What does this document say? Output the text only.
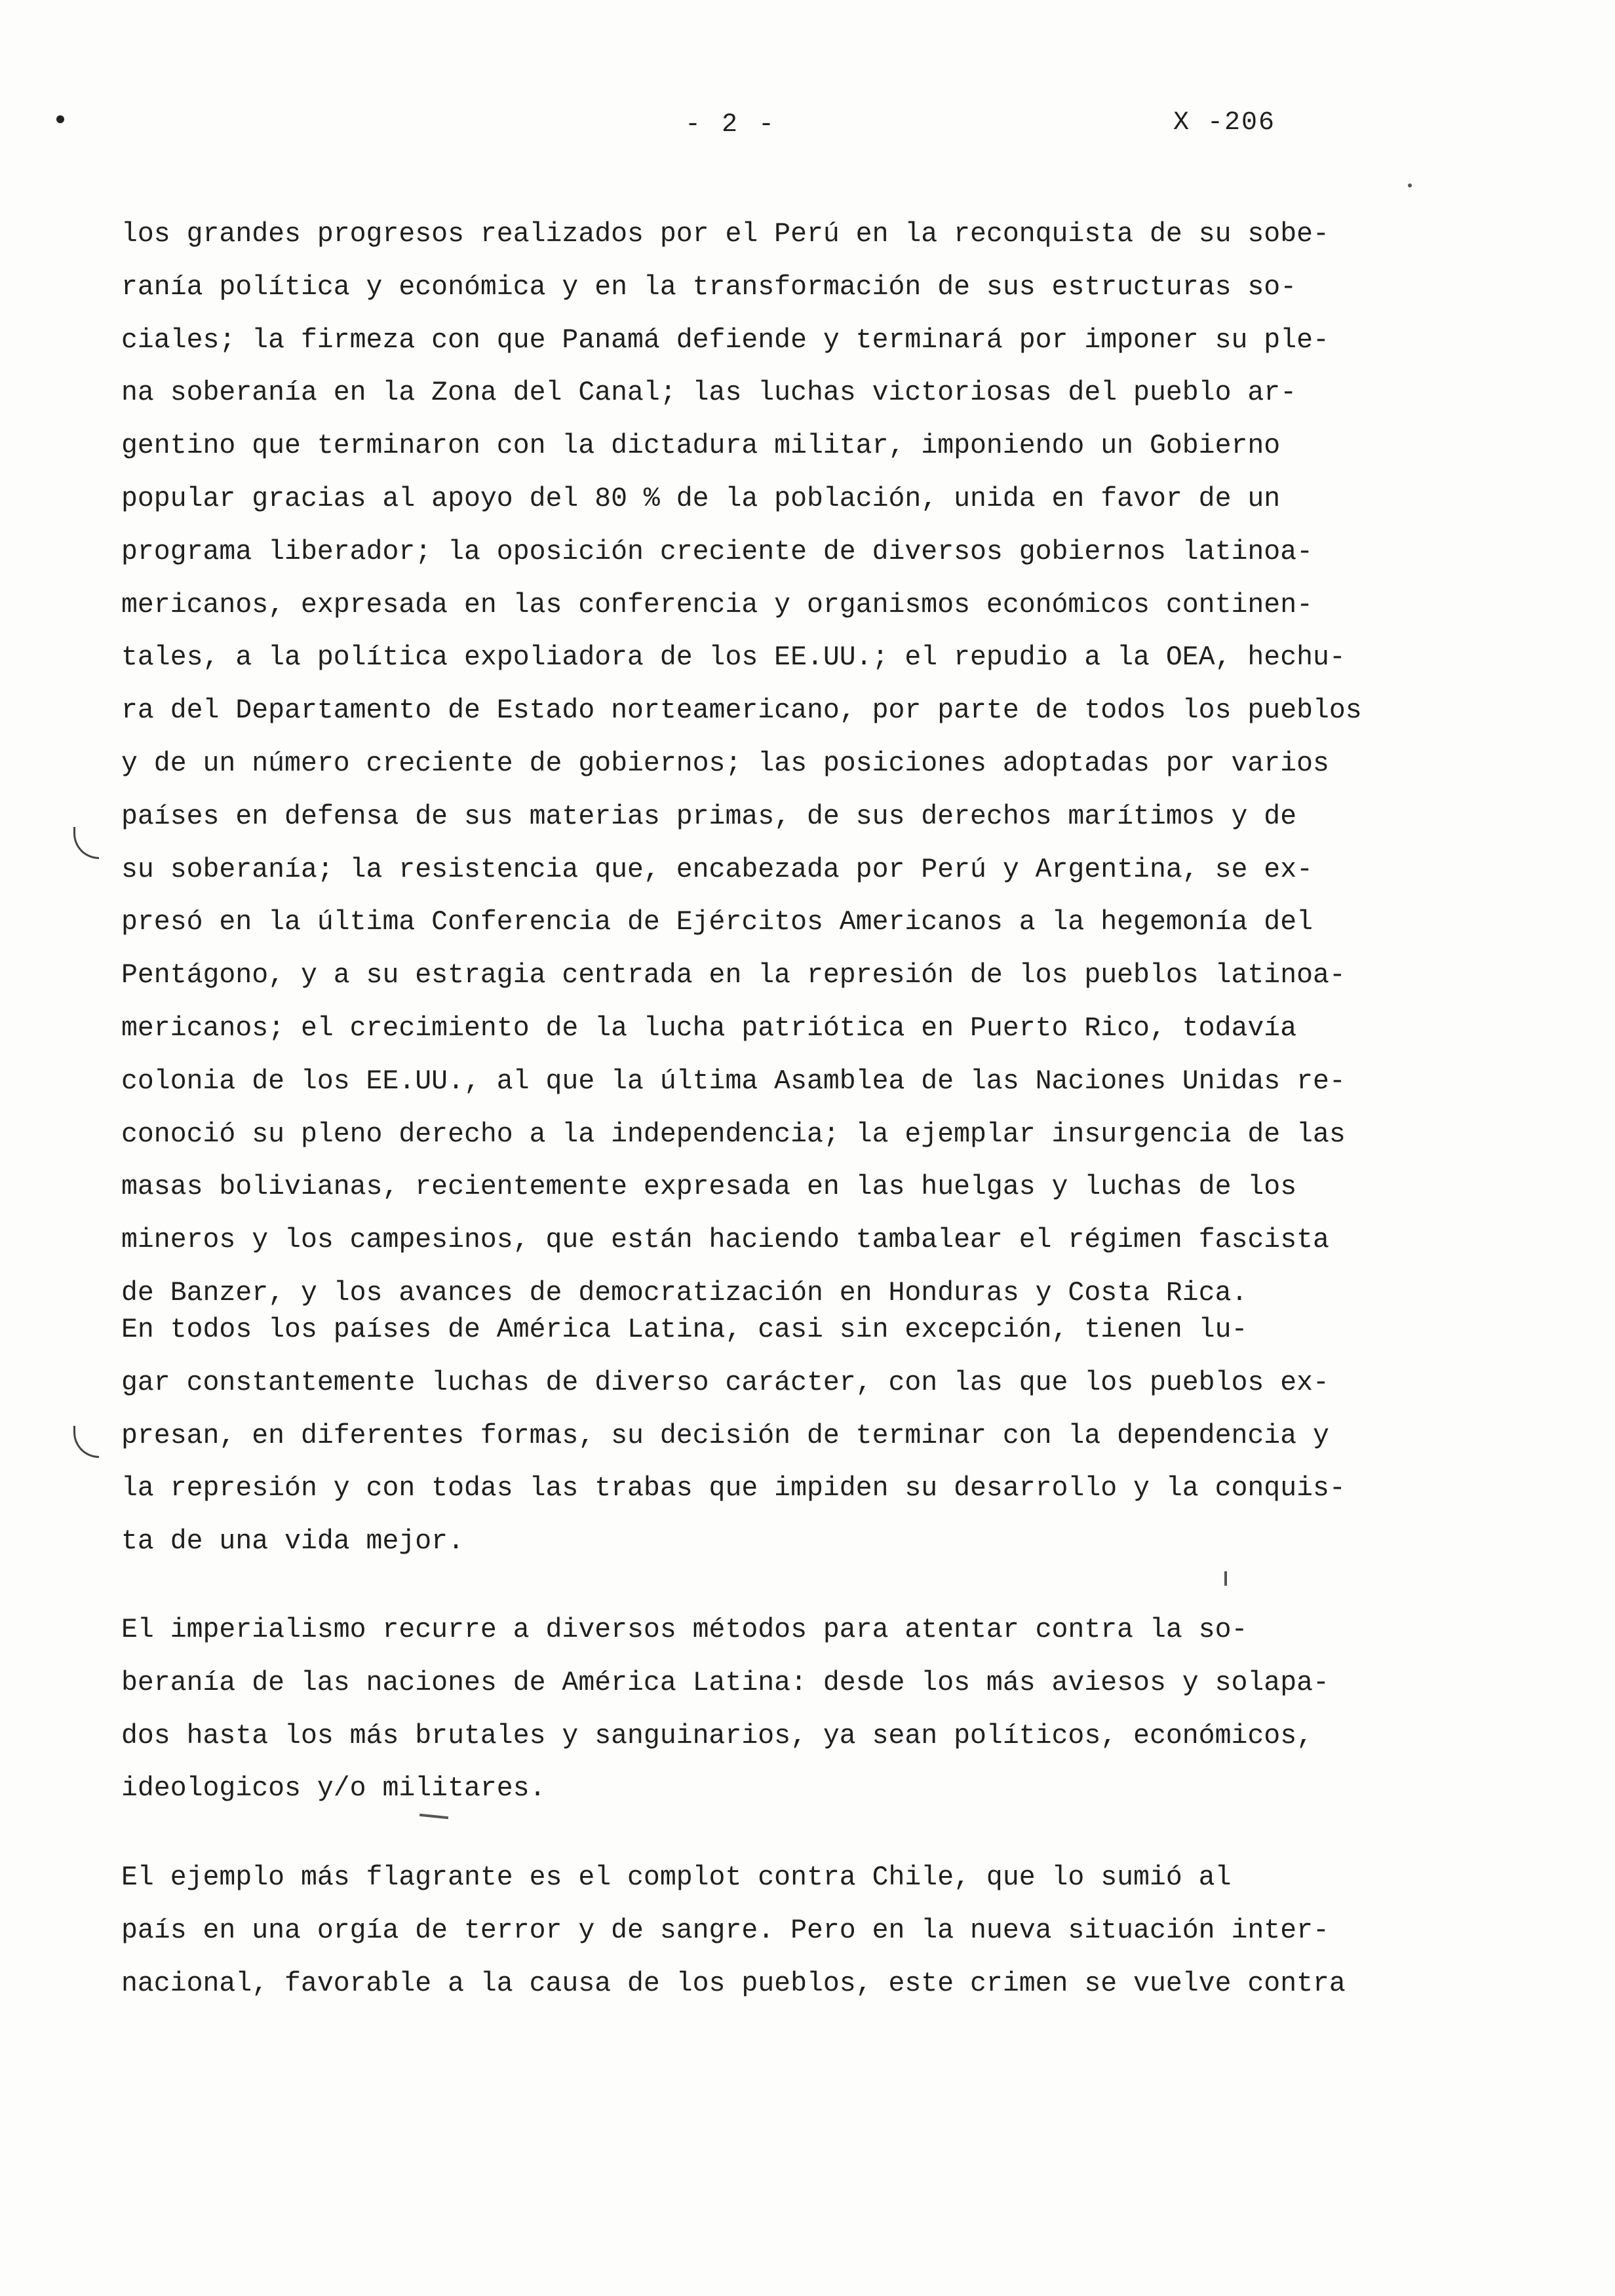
- 2 -	X -206
los grandes progresos realizados por el Perú en la reconquista de su sobe-
ranía política y económica y en la transformación de sus estructuras so-
ciales; la firmeza con que Panamá defiende y terminará por imponer su ple-
na soberanía en la Zona del Canal; las luchas victoriosas del pueblo ar-
gentino que terminaron con la dictadura militar, imponiendo un Gobierno
popular gracias al apoyo del 80 % de la población, unida en favor de un
programa liberador; la oposición creciente de diversos gobiernos latinoa-
mericanos, expresada en las conferencia y organismos económicos continen-
tales, a la política expoliadora de los EE.UU.; el repudio a la OEA, hechu-
ra del Departamento de Estado norteamericano, por parte de todos los pueblos
y de un número creciente de gobiernos; las posiciones adoptadas por varios
países en defensa de sus materias primas, de sus derechos marítimos y de
su soberanía; la resistencia que, encabezada por Perú y Argentina, se ex-
presó en la última Conferencia de Ejércitos Americanos a la hegemonía del
Pentágono, y a su estragia centrada en la represión de los pueblos latinoa-
mericanos; el crecimiento de la lucha patriótica en Puerto Rico, todavía
colonia de los EE.UU., al que la última Asamblea de las Naciones Unidas re-
conoció su pleno derecho a la independencia; la ejemplar insurgencia de las
masas bolivianas, recientemente expresada en las huelgas y luchas de los
mineros y los campesinos, que están haciendo tambalear el régimen fascista
de Banzer, y los avances de democratización en Honduras y Costa Rica.
En todos los países de América Latina, casi sin excepción, tienen lu-
gar constantemente luchas de diverso carácter, con las que los pueblos ex-
presan, en diferentes formas, su decisión de terminar con la dependencia y
la represión y con todas las trabas que impiden su desarrollo y la conquis-
ta de una vida mejor.
El imperialismo recurre a diversos métodos para atentar contra la so-
beranía de las naciones de América Latina: desde los más aviesos y solapa-
dos hasta los más brutales y sanguinarios, ya sean políticos, económicos,
ideologicos y/o militares.
El ejemplo más flagrante es el complot contra Chile, que lo sumió al
país en una orgía de terror y de sangre. Pero en la nueva situación inter-
nacional, favorable a la causa de los pueblos, este crimen se vuelve contra
